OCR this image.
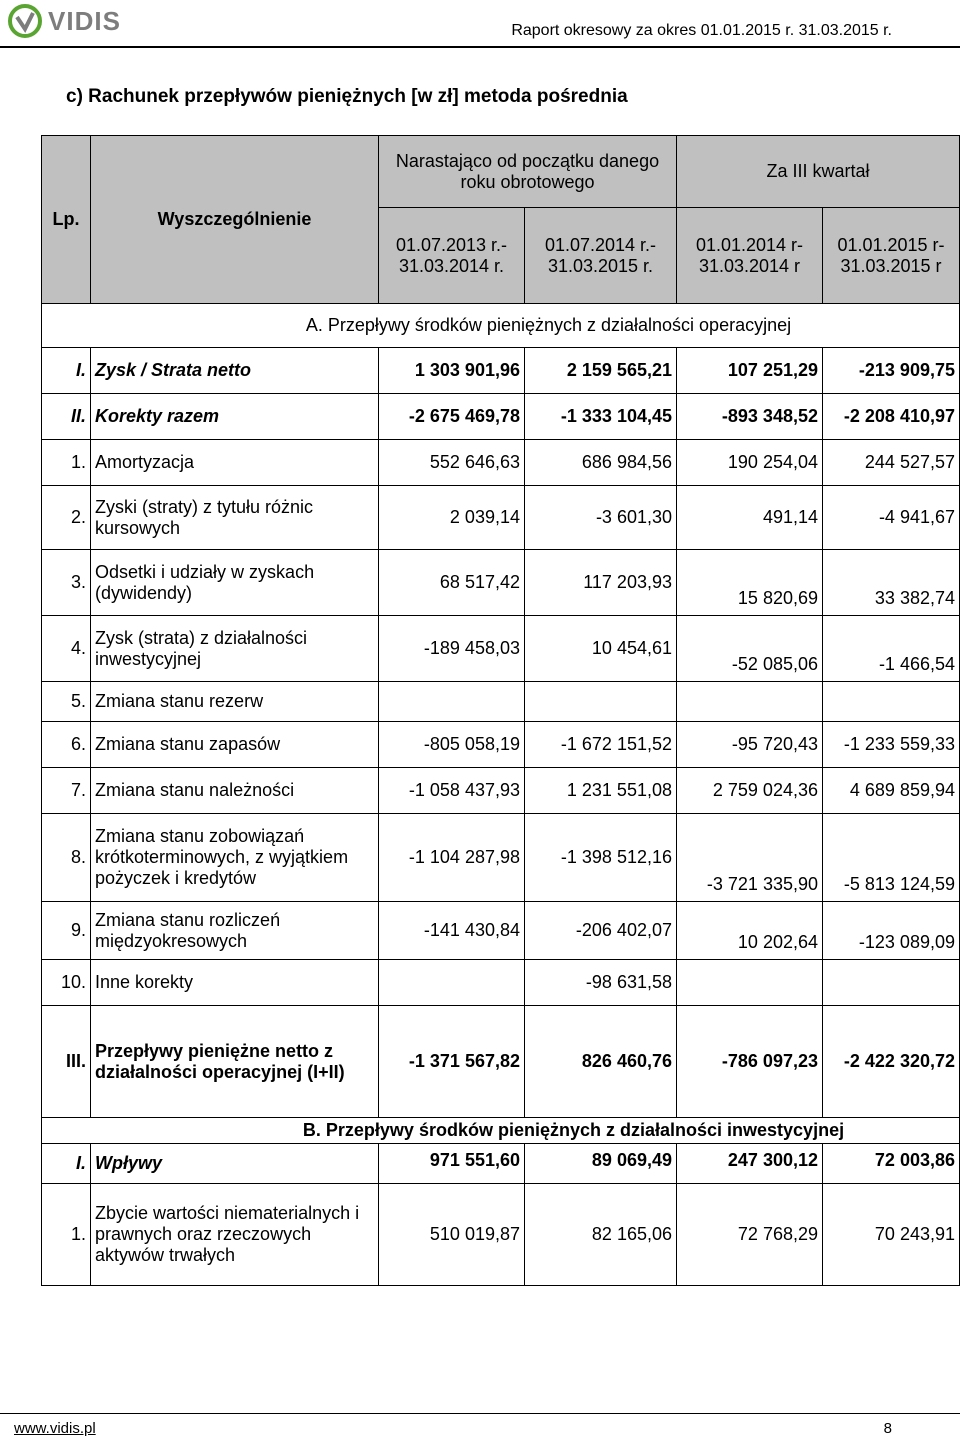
VIDIS	Raport okresowy za okres 01.01.2015 r. 31.03.2015 r.
c) Rachunek przepływów pieniężnych [w zł] metoda pośrednia
Lp.	Wyszczególnienie	Narastająco od początku danego roku obrotowego		Za III kwartał	
		01.07.2013 r.- 31.03.2014 r.	01.07.2014 r.- 31.03.2015 r.	01.01.2014 r- 31.03.2014 r	01.01.2015 r- 31.03.2015 r
A. Przepływy środków pieniężnych z działalności operacyjnej					
I.	Zysk / Strata netto	1 303 901,96	2 159 565,21	107 251,29	-213 909,75
II.	Korekty razem	-2 675 469,78	-1 333 104,45	-893 348,52	-2 208 410,97
1.	Amortyzacja	552 646,63	686 984,56	190 254,04	244 527,57
2.	Zyski (straty) z tytułu różnic kursowych	2 039,14	-3 601,30	491,14	-4 941,67
3.	Odsetki i udziały w zyskach (dywidendy)	68 517,42	117 203,93	15 820,69	33 382,74
4.	Zysk (strata) z działalności inwestycyjnej	-189 458,03	10 454,61	-52 085,06	-1 466,54
5.	Zmiana stanu rezerw				
6.	Zmiana stanu zapasów	-805 058,19	-1 672 151,52	-95 720,43	-1 233 559,33
7.	Zmiana stanu należności	-1 058 437,93	1 231 551,08	2 759 024,36	4 689 859,94
8.	Zmiana stanu zobowiązań krótkoterminowych, z wyjątkiem pożyczek i kredytów	-1 104 287,98	-1 398 512,16	-3 721 335,90	-5 813 124,59
9.	Zmiana stanu rozliczeń międzyokresowych	-141 430,84	-206 402,07	10 202,64	-123 089,09
10.	Inne korekty		-98 631,58		
III.	Przepływy pieniężne netto z działalności operacyjnej (I+II)	-1 371 567,82	826 460,76	-786 097,23	-2 422 320,72
B. Przepływy środków pieniężnych z działalności inwestycyjnej					
I.	Wpływy	971 551,60	89 069,49	247 300,12	72 003,86
1.	Zbycie wartości niematerialnych i prawnych oraz rzeczowych aktywów trwałych	510 019,87	82 165,06	72 768,29	70 243,91
www.vidis.pl	8
